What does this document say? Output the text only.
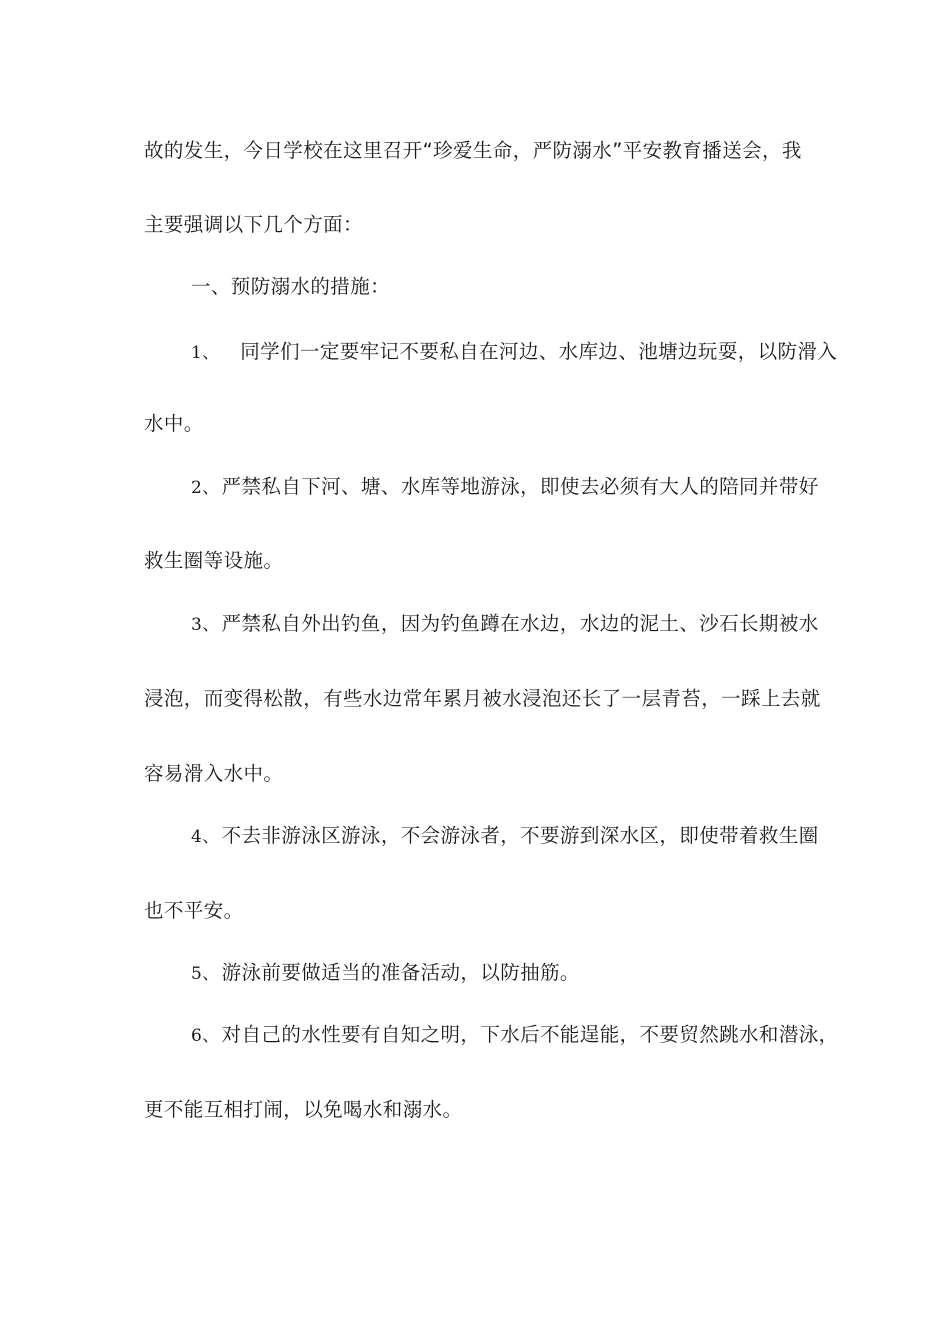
故的发生，今日学校在这里召开“珍爱生命，严防溺水”平安教育播送会，我
主要强调以下几个方面：
一、预防溺水的措施：
1、 同学们一定要牢记不要私自在河边、水库边、池塘边玩耍，以防滑入
水中。
2、 严禁私自下河、塘、水库等地游泳，即使去必须有大人的陪同并带好
救生圈等设施。
3、 严禁私自外出钓鱼，因为钓鱼蹲在水边，水边的泥土、沙石长期被水
浸泡，而变得松散，有些水边常年累月被水浸泡还长了一层青苔，一踩上去就
容易滑入水中。
4、 不去非游泳区游泳，不会游泳者，不要游到深水区，即使带着救生圈
也不平安。
5、 游泳前要做适当的准备活动，以防抽筋。
6、 对自己的水性要有自知之明，下水后不能逞能，不要贸然跳水和潜泳，
更不能互相打闹，以免喝水和溺水。
